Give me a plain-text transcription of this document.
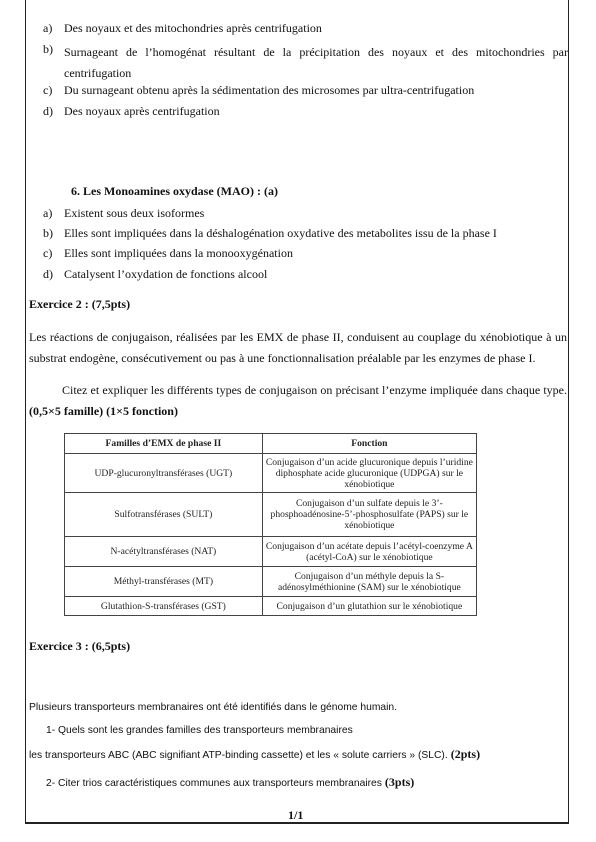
a) Des noyaux et des mitochondries après centrifugation
b) Surnageant de l’homogénat résultant de la précipitation des noyaux et des mitochondries par centrifugation
c) Du surnageant obtenu après la sédimentation des microsomes par ultra-centrifugation
d) Des noyaux après centrifugation
6. Les Monoamines oxydase (MAO) : (a)
a) Existent sous deux isoformes
b) Elles sont impliquées dans la déshalogénation oxydative des metabolites issu de la phase I
c) Elles sont impliquées dans la monooxygénation
d) Catalysent l’oxydation de fonctions alcool
Exercice 2 : (7,5pts)
Les réactions de conjugaison, réalisées par les EMX de phase II, conduisent au couplage du xénobiotique à un substrat endogène, consécutivement ou pas à une fonctionnalisation préalable par les enzymes de phase I.
Citez et expliquer les différents types de conjugaison on précisant l’enzyme impliquée dans chaque type. (0,5×5 famille) (1×5 fonction)
Familles d’EMX de phase II	Fonction
UDP-glucuronyltransférases (UGT)	Conjugaison d’un acide glucuronique depuis l’uridine diphosphate acide glucuronique (UDPGA) sur le xénobiotique
Sulfotransférases (SULT)	Conjugaison d’un sulfate depuis le 3’-phosphoadénosine-5’-phosphosulfate (PAPS) sur le xénobiotique
N-acétyltransférases (NAT)	Conjugaison d’un acétate depuis l’acétyl-coenzyme A (acétyl-CoA) sur le xénobiotique
Méthyl-transférases (MT)	Conjugaison d’un méthyle depuis la S-adénosylméthionine (SAM) sur le xénobiotique
Glutathion-S-transférases (GST)	Conjugaison d’un glutathion sur le xénobiotique
Exercice 3 : (6,5pts)
Plusieurs transporteurs membranaires ont été identifiés dans le génome humain.
1- Quels sont les grandes familles des transporteurs membranaires
les transporteurs ABC (ABC signifiant ATP-binding cassette) et les « solute carriers » (SLC). (2pts)
2- Citer trios caractéristiques communes aux transporteurs membranaires (3pts)
1/1
